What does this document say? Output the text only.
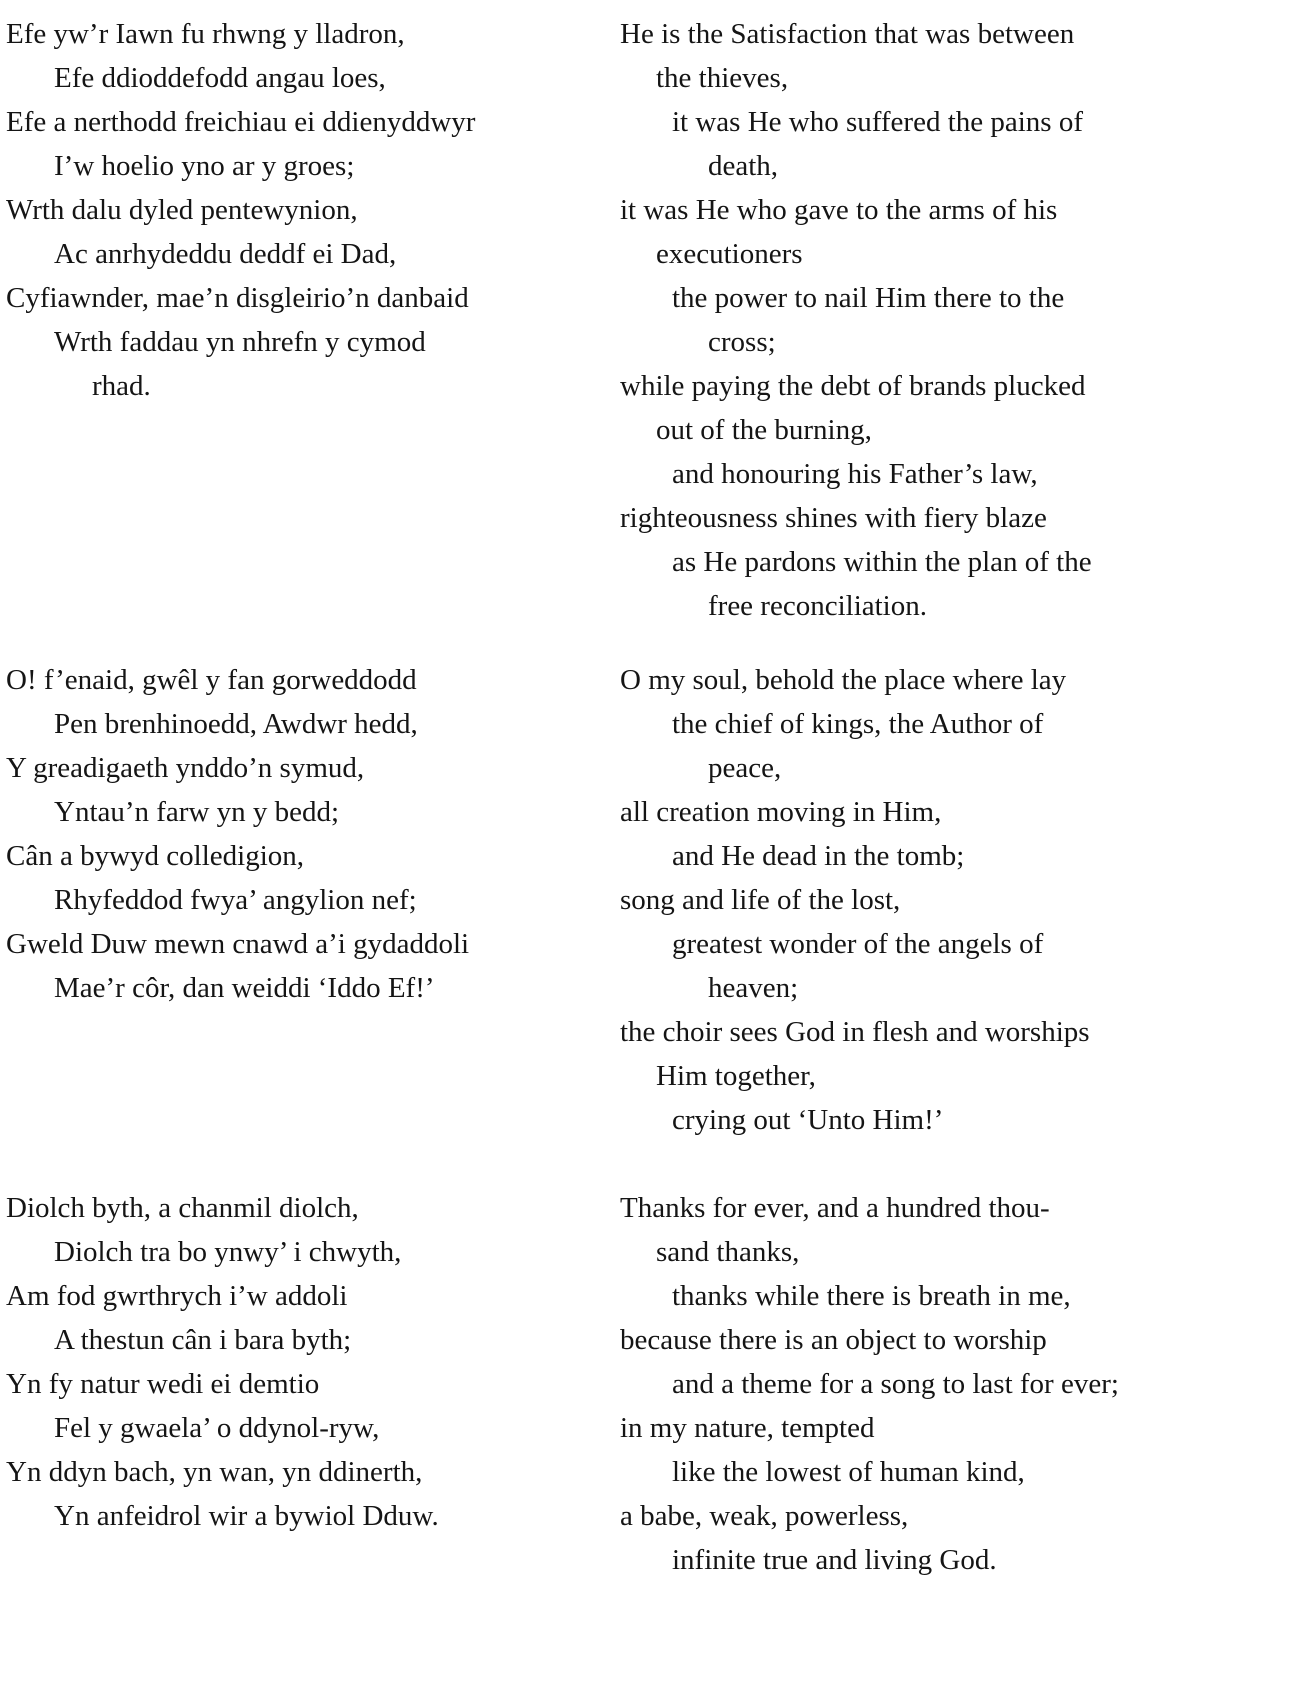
Efe yw’r Iawn fu rhwng y lladron,
Efe ddioddefodd angau loes,
Efe a nerthodd freichiau ei ddienyddwyr
I’w hoelio yno ar y groes;
Wrth dalu dyled pentewynion,
Ac anrhydeddu deddf ei Dad,
Cyfiawnder, mae’n disgleirio’n danbaid
Wrth faddau yn nhrefn y cymod
rhad.
He is the Satisfaction that was between
the thieves,
it was He who suffered the pains of
death,
it was He who gave to the arms of his
executioners
the power to nail Him there to the
cross;
while paying the debt of brands plucked
out of the burning,
and honouring his Father’s law,
righteousness shines with fiery blaze
as He pardons within the plan of the
free reconciliation.
O! f’enaid, gwêl y fan gorweddodd
Pen brenhinoedd, Awdwr hedd,
Y greadigaeth ynddo’n symud,
Yntau’n farw yn y bedd;
Cân a bywyd colledigion,
Rhyfeddod fwya’ angylion nef;
Gweld Duw mewn cnawd a’i gydaddoli
Mae’r côr, dan weiddi ‘Iddo Ef!’
O my soul, behold the place where lay
the chief of kings, the Author of
peace,
all creation moving in Him,
and He dead in the tomb;
song and life of the lost,
greatest wonder of the angels of
heaven;
the choir sees God in flesh and worships
Him together,
crying out ‘Unto Him!’
Diolch byth, a chanmil diolch,
Diolch tra bo ynwy’ i chwyth,
Am fod gwrthrych i’w addoli
A thestun cân i bara byth;
Yn fy natur wedi ei demtio
Fel y gwaela’ o ddynol-ryw,
Yn ddyn bach, yn wan, yn ddinerth,
Yn anfeidrol wir a bywiol Dduw.
Thanks for ever, and a hundred thou-
sand thanks,
thanks while there is breath in me,
because there is an object to worship
and a theme for a song to last for ever;
in my nature, tempted
like the lowest of human kind,
a babe, weak, powerless,
infinite true and living God.
